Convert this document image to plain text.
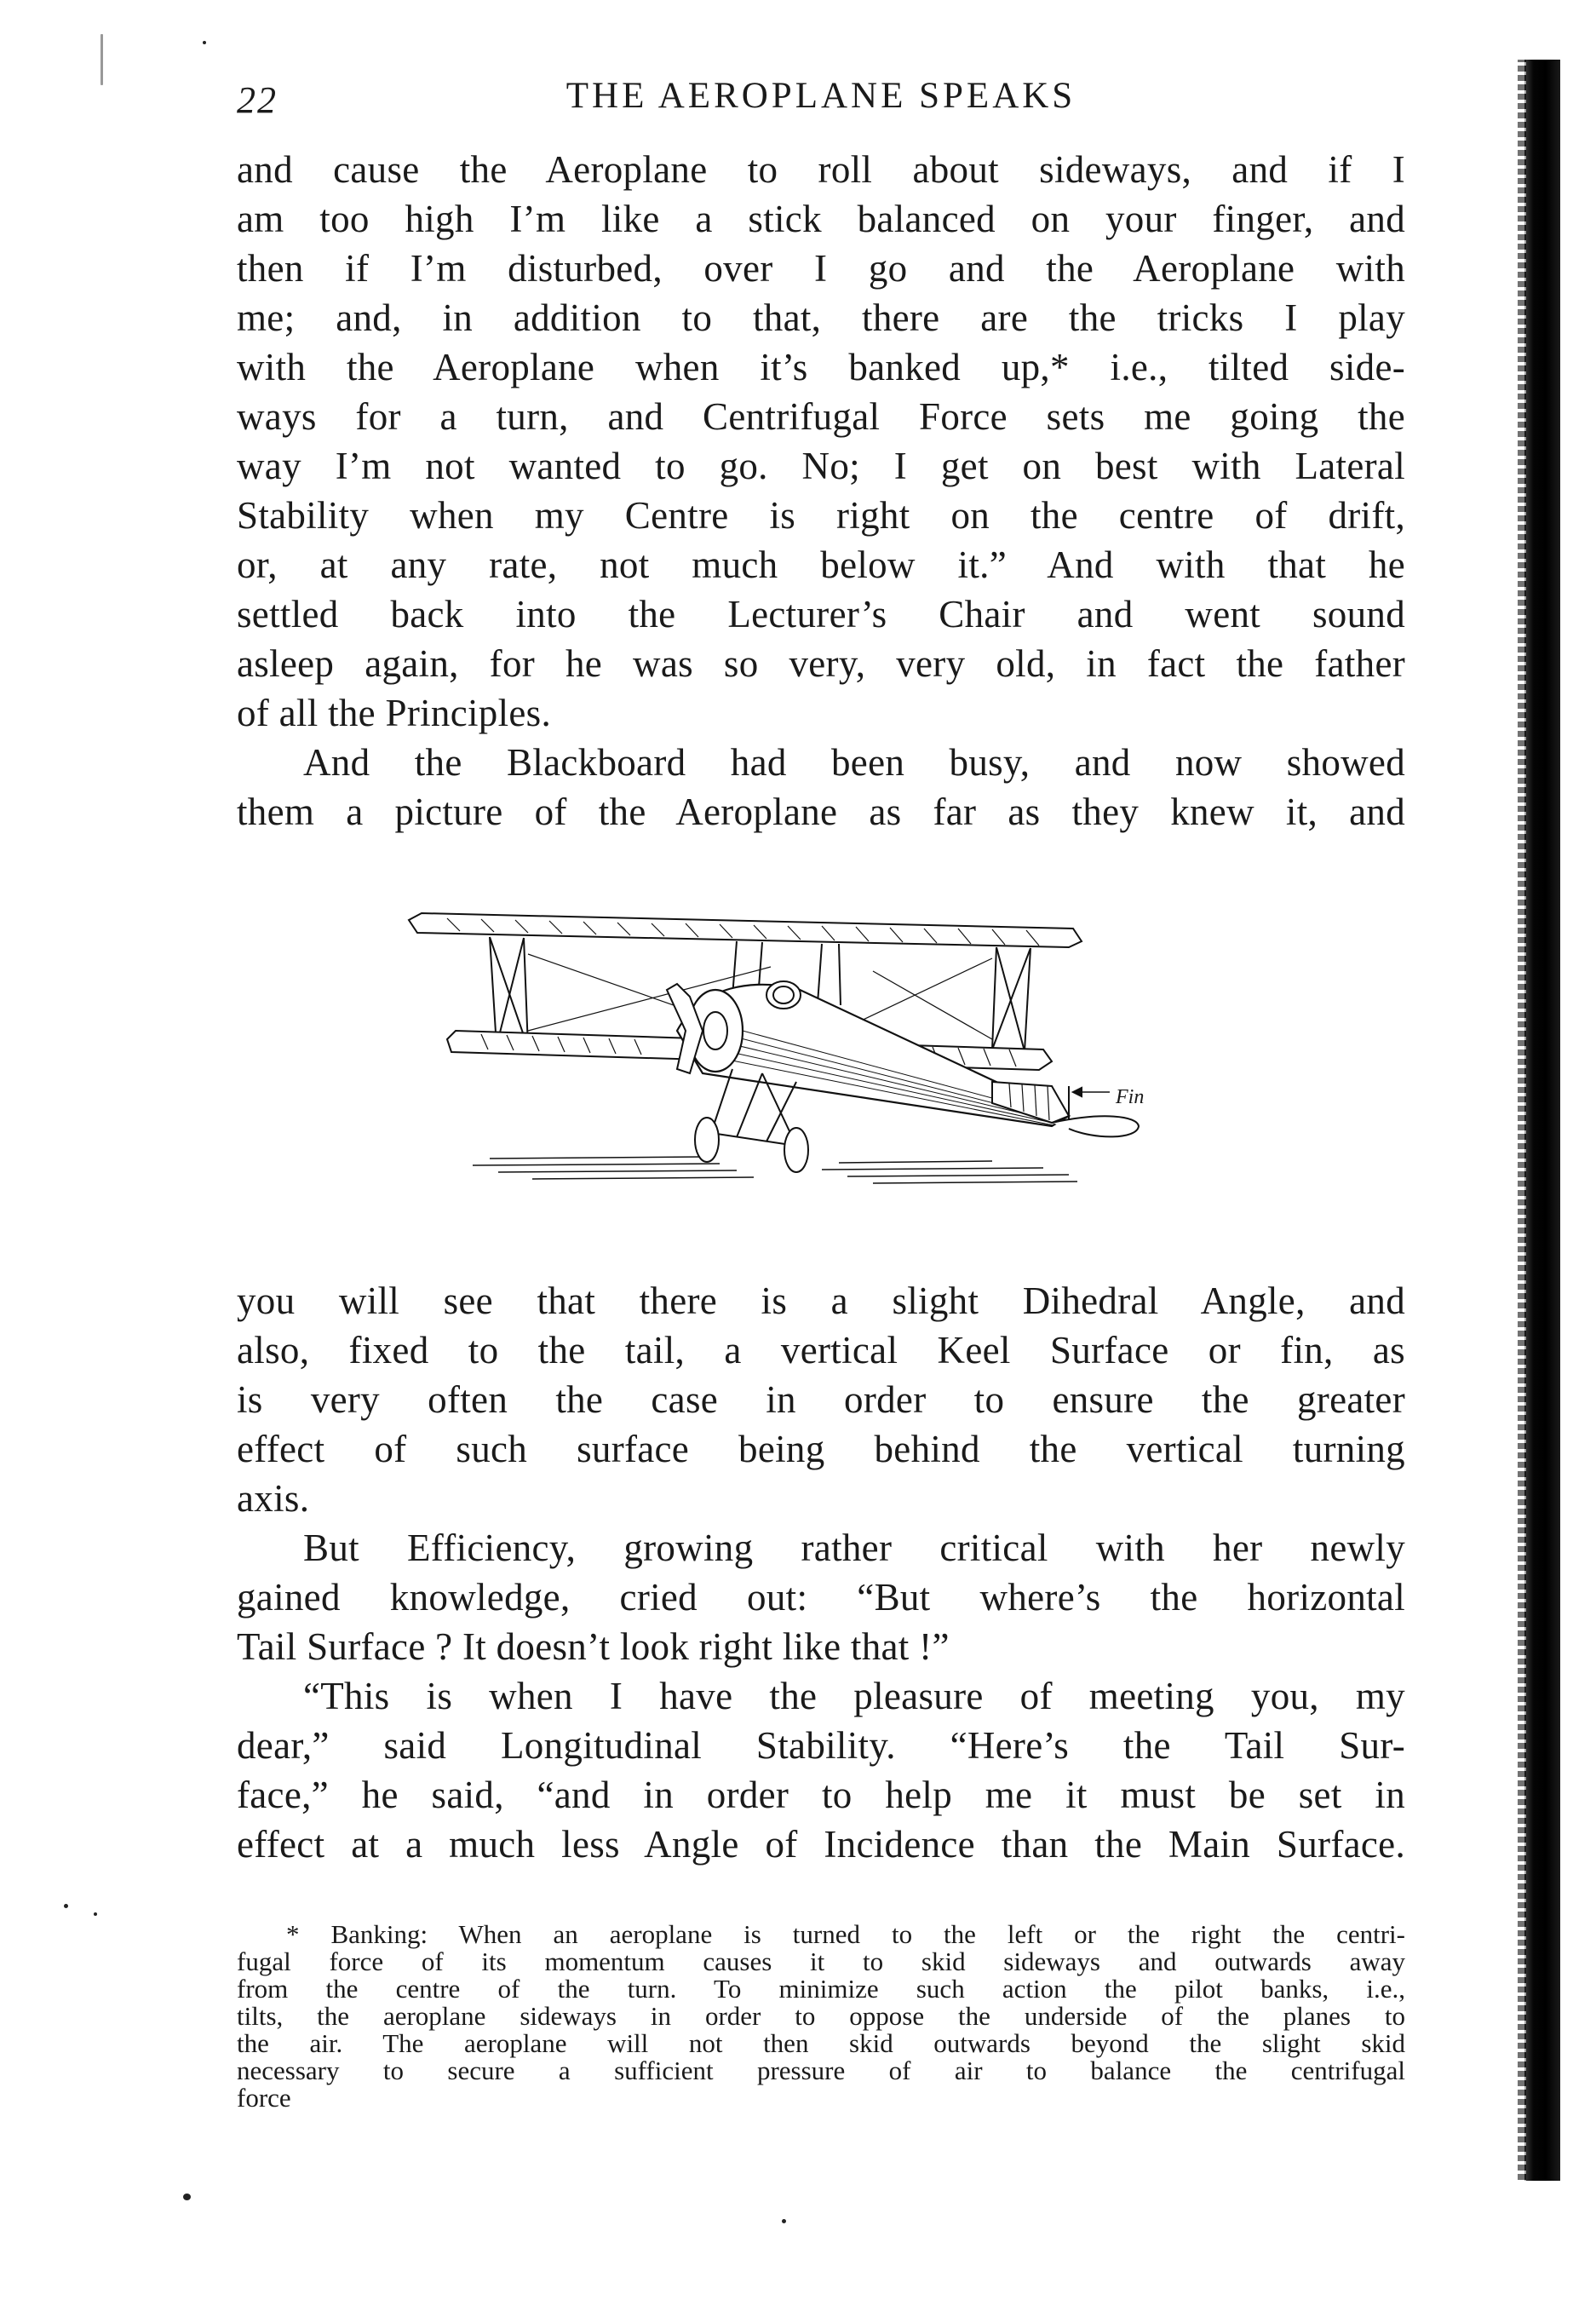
22	THE AEROPLANE SPEAKS
and cause the Aeroplane to roll about sideways, and if I
am too high I’m like a stick balanced on your finger, and
then if I’m disturbed, over I go and the Aeroplane with
me; and, in addition to that, there are the tricks I play
with the Aeroplane when it’s banked up,* i.e., tilted side-
ways for a turn, and Centrifugal Force sets me going the
way I’m not wanted to go. No; I get on best with Lateral
Stability when my Centre is right on the centre of drift,
or, at any rate, not much below it.” And with that he
settled back into the Lecturer’s Chair and went sound
asleep again, for he was so very, very old, in fact the father
of all the Principles.
And the Blackboard had been busy, and now showed
them a picture of the Aeroplane as far as they knew it, and
Fin
you will see that there is a slight Dihedral Angle, and
also, fixed to the tail, a vertical Keel Surface or fin, as
is very often the case in order to ensure the greater
effect of such surface being behind the vertical turning
axis.
But Efficiency, growing rather critical with her newly
gained knowledge, cried out: “But where’s the horizontal
Tail Surface ? It doesn’t look right like that !”
“This is when I have the pleasure of meeting you, my
dear,” said Longitudinal Stability. “Here’s the Tail Sur-
face,” he said, “and in order to help me it must be set in
effect at a much less Angle of Incidence than the Main Surface.
* Banking: When an aeroplane is turned to the left or the right the centri-
fugal force of its momentum causes it to skid sideways and outwards away
from the centre of the turn. To minimize such action the pilot banks, i.e.,
tilts, the aeroplane sideways in order to oppose the underside of the planes to
the air. The aeroplane will not then skid outwards beyond the slight skid
necessary to secure a sufficient pressure of air to balance the centrifugal
force
